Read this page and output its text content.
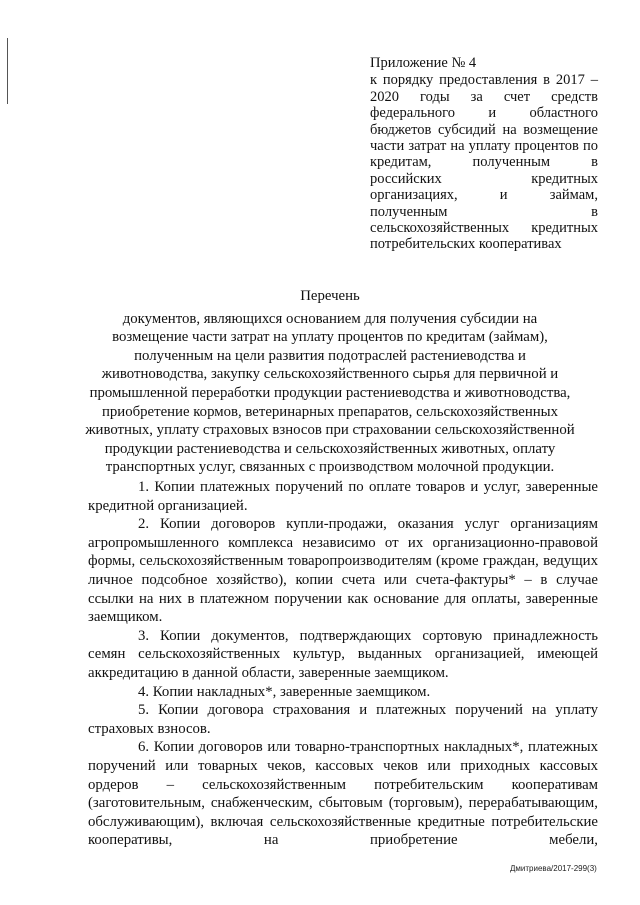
Приложение № 4

к порядку предоставления в 2017 – 2020 годы за счет средств федерального и областного бюджетов субсидий на возмещение части затрат на уплату процентов по кредитам, полученным в российских кредитных организациях, и займам, полученным в сельскохозяйственных кредитных
потребительских кооперативах

Перечень

документов, являющихся основанием для получения субсидии на возмещение части затрат на уплату процентов по кредитам (займам), полученным на цели развития подотраслей растениеводства и животноводства, закупку сельскохозяйственного сырья для первичной и промышленной переработки продукции растениеводства и животноводства, приобретение кормов, ветеринарных препаратов, сельскохозяйственных животных, уплату страховых взносов при страховании сельскохозяйственной продукции растениеводства и сельскохозяйственных животных, оплату транспортных услуг, связанных с производством молочной продукции.

1. Копии платежных поручений по оплате товаров и услуг, заверенные кредитной организацией.

2. Копии договоров купли-продажи, оказания услуг организациям агропромышленного комплекса независимо от их организационно-правовой формы, сельскохозяйственным товаропроизводителям (кроме граждан, ведущих личное подсобное хозяйство), копии счета или счета-фактуры* – в случае ссылки на них в платежном поручении как основание для оплаты, заверенные заемщиком.

3. Копии документов, подтверждающих сортовую принадлежность семян сельскохозяйственных культур, выданных организацией, имеющей аккредитацию в данной области, заверенные заемщиком.

4. Копии накладных*, заверенные заемщиком.

5. Копии договора страхования и платежных поручений на уплату страховых взносов.

6. Копии договоров или товарно-транспортных накладных*, платежных поручений или товарных чеков, кассовых чеков или приходных кассовых ордеров – сельскохозяйственным потребительским кооперативам (заготовительным, снабженческим, сбытовым (торговым), перерабатывающим, обслуживающим), включая сельскохозяйственные кредитные потребительские кооперативы, на приобретение мебели,

Дмитриева/2017-299(3)
